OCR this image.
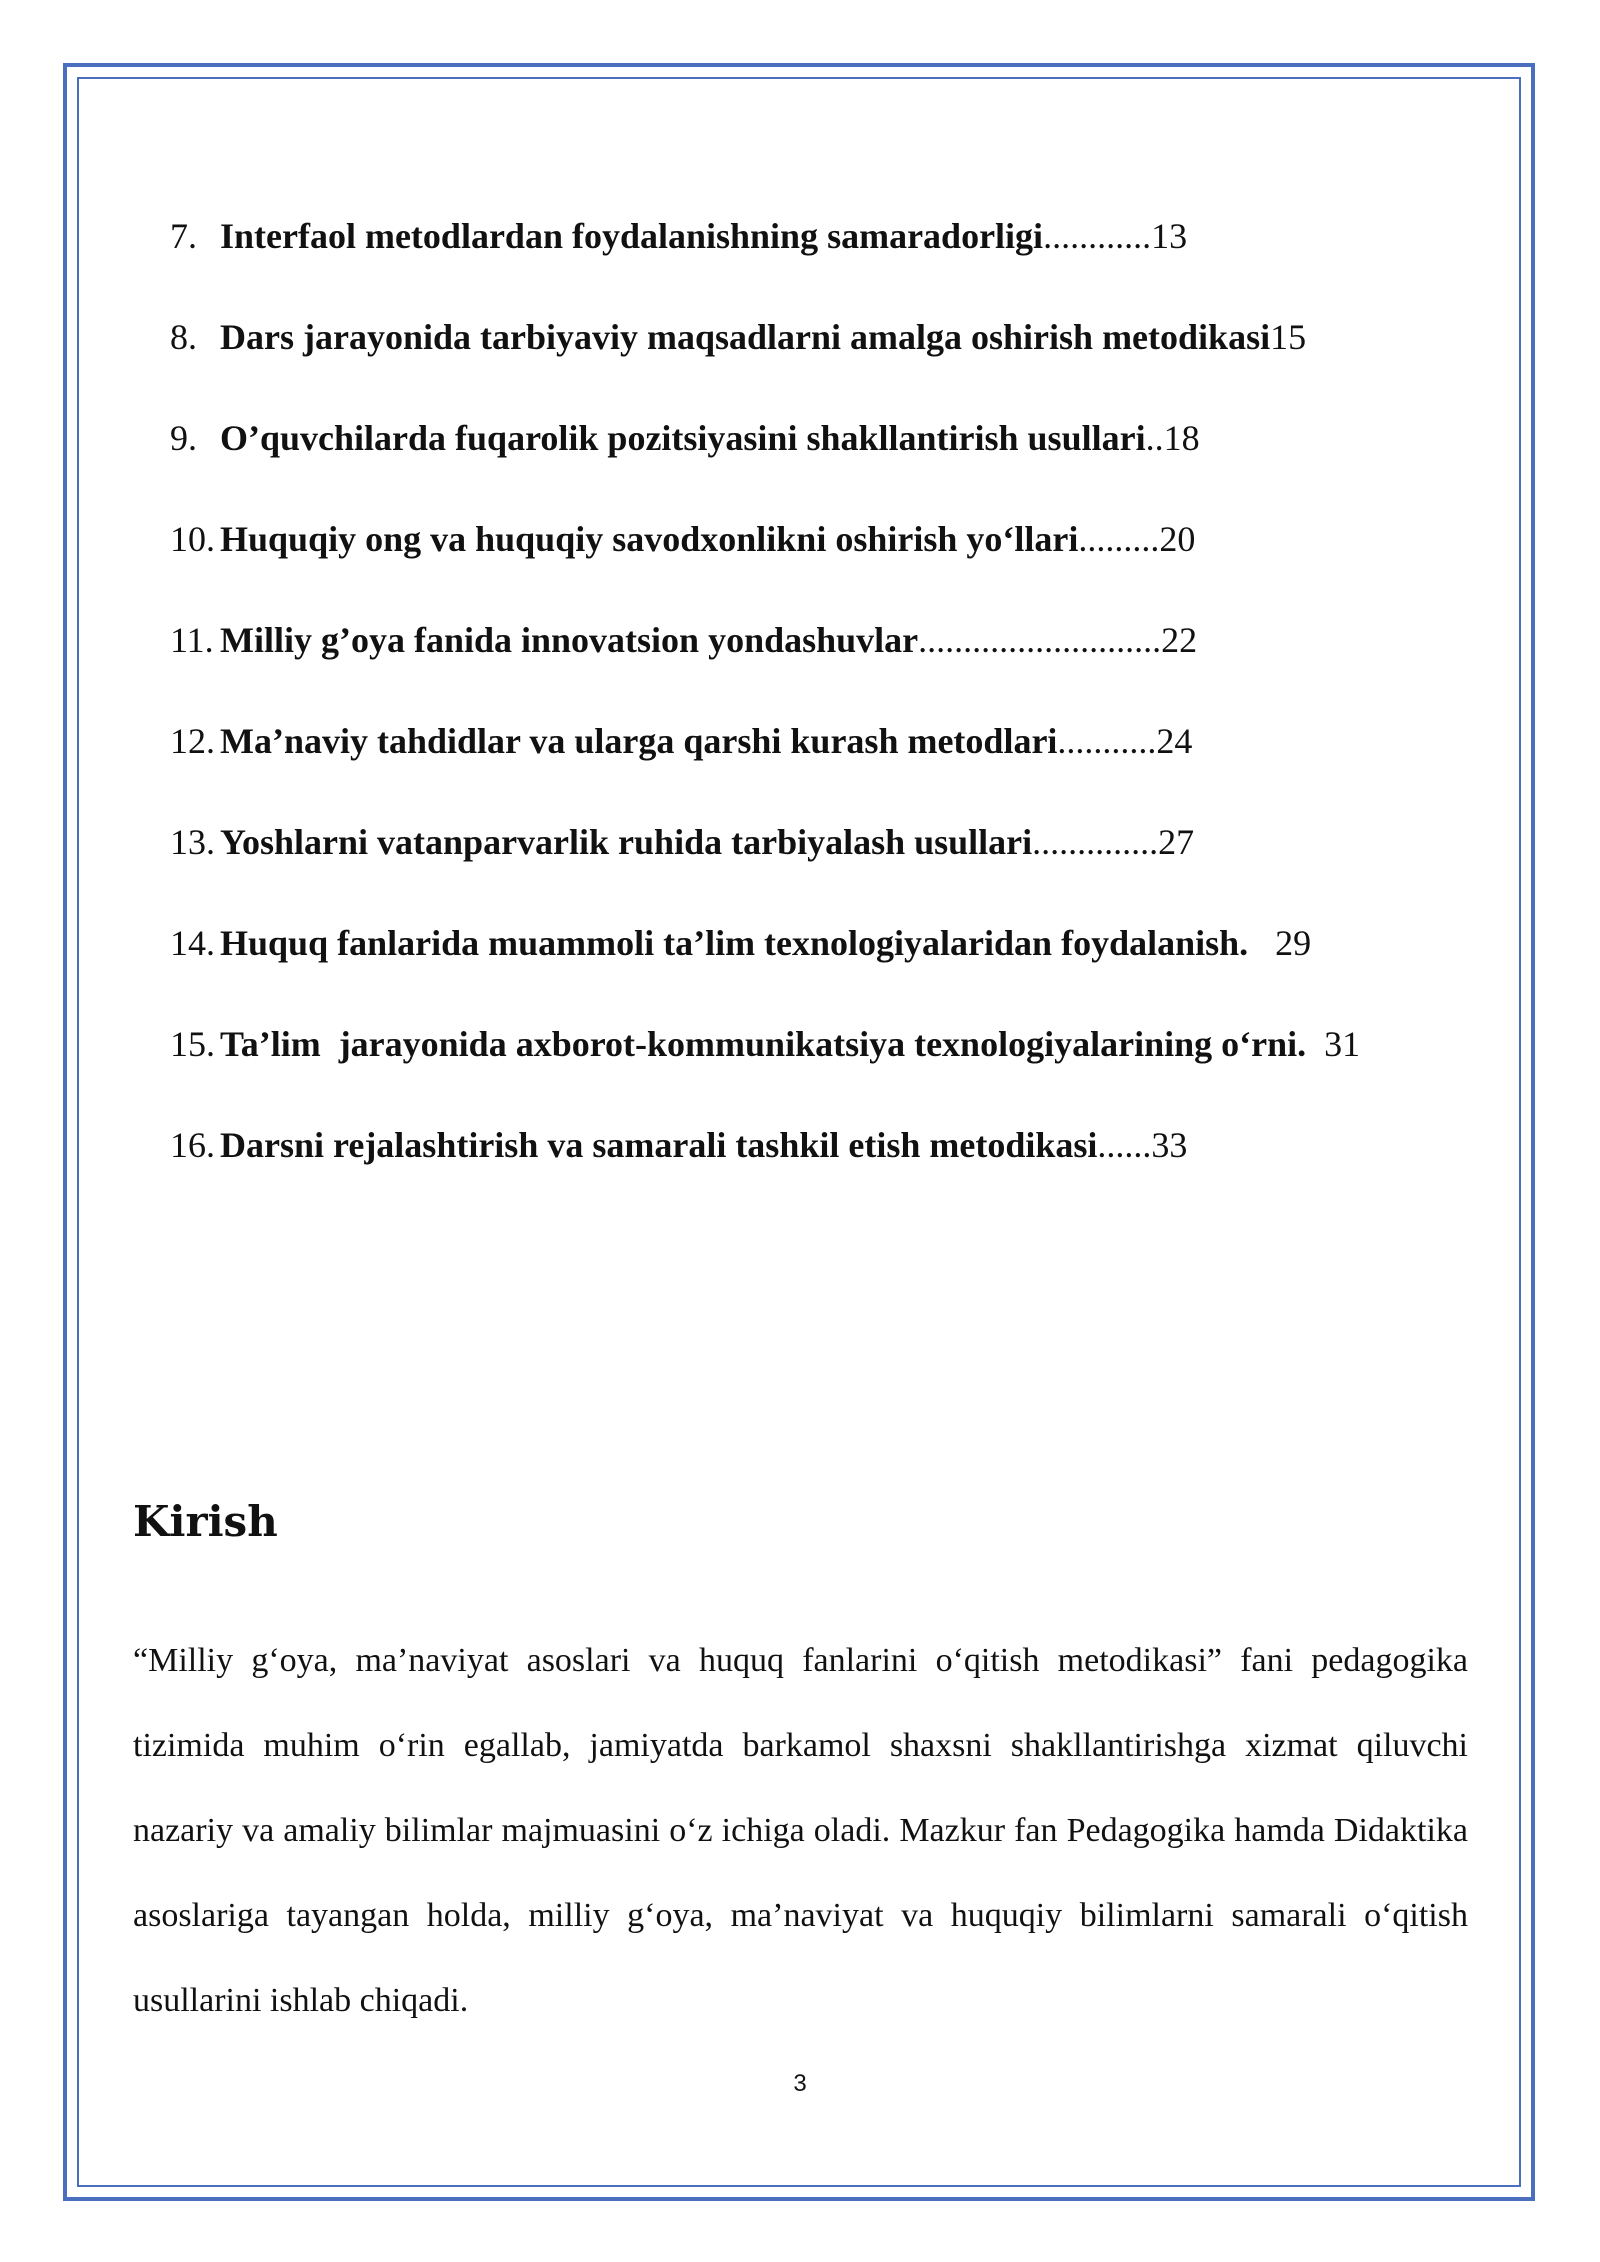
7. Interfaol metodlardan foydalanishning samaradorligi............13
8. Dars jarayonida tarbiyaviy maqsadlarni amalga oshirish metodikasi15
9. O’quvchilarda fuqarolik pozitsiyasini shakllantirish usullari..18
10. Huquqiy ong va huquqiy savodxonlikni oshirish yo‘llari.........20
11. Milliy g’oya fanida innovatsion yondashuvlar...........................22
12. Ma’naviy tahdidlar va ularga qarshi kurash metodlari...........24
13. Yoshlarni vatanparvarlik ruhida tarbiyalash usullari..............27
14. Huquq fanlarida muammoli ta’lim texnologiyalaridan foydalanish. 29
15. Ta’lim  jarayonida axborot-kommunikatsiya texnologiyalarining o‘rni. 31
16. Darsni rejalashtirish va samarali tashkil etish metodikasi......33
Kirish

“Milliy g‘oya, ma’naviyat asoslari va huquq fanlarini o‘qitish metodikasi” fani pedagogika tizimida muhim o‘rin egallab, jamiyatda barkamol shaxsni shakllantirishga xizmat qiluvchi nazariy va amaliy bilimlar majmuasini o‘z ichiga oladi. Mazkur fan Pedagogika hamda Didaktika asoslariga tayangan holda, milliy g‘oya, ma’naviyat va huquqiy bilimlarni samarali o‘qitish usullarini ishlab chiqadi.

3
